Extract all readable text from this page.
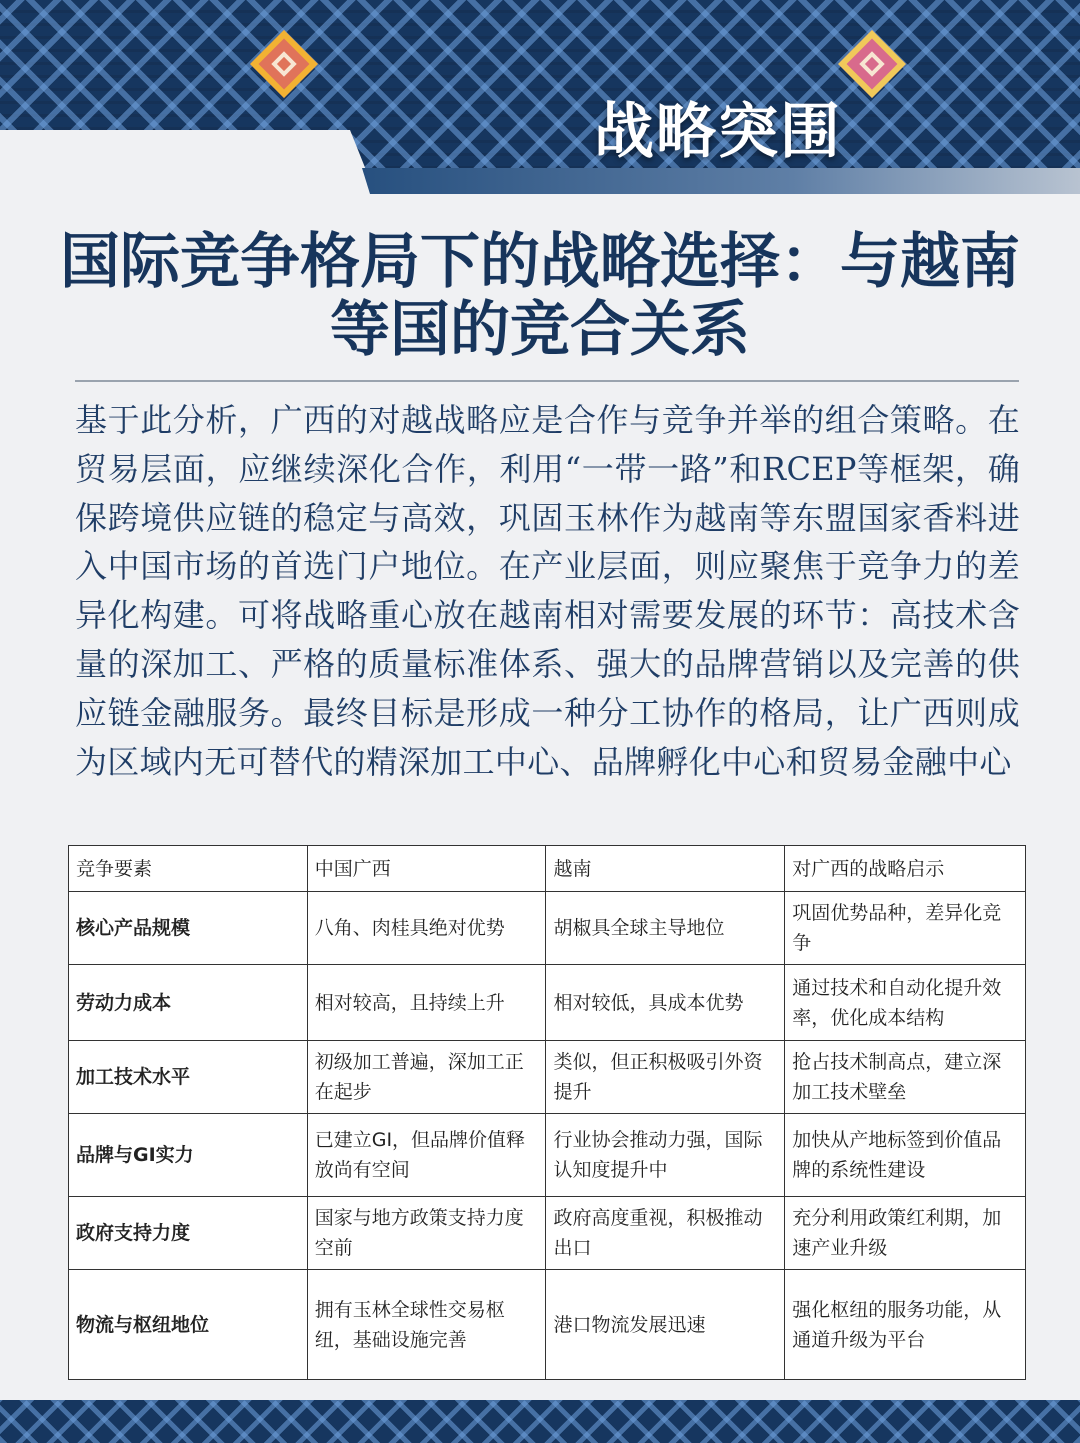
战略突围
国际竞争格局下的战略选择：与越南等国的竞合关系

基于此分析，广西的对越战略应是合作与竞争并举的组合策略。在贸易层面，应继续深化合作，利用“一带一路”和RCEP等框架，确保跨境供应链的稳定与高效，巩固玉林作为越南等东盟国家香料进入中国市场的首选门户地位。在产业层面，则应聚焦于竞争力的差异化构建。可将战略重心放在越南相对需要发展的环节：高技术含量的深加工、严格的质量标准体系、强大的品牌营销以及完善的供应链金融服务。最终目标是形成一种分工协作的格局，让广西则成为区域内无可替代的精深加工中心、品牌孵化中心和贸易金融中心

竞争要素	中国广西	越南	对广西的战略启示
核心产品规模	八角、肉桂具绝对优势	胡椒具全球主导地位	巩固优势品种，差异化竞争
劳动力成本	相对较高，且持续上升	相对较低，具成本优势	通过技术和自动化提升效率，优化成本结构
加工技术水平	初级加工普遍，深加工正在起步	类似，但正积极吸引外资提升	抢占技术制高点，建立深加工技术壁垒
品牌与GI实力	已建立GI，但品牌价值释放尚有空间	行业协会推动力强，国际认知度提升中	加快从产地标签到价值品牌的系统性建设
政府支持力度	国家与地方政策支持力度空前	政府高度重视，积极推动出口	充分利用政策红利期，加速产业升级
物流与枢纽地位	拥有玉林全球性交易枢纽，基础设施完善	港口物流发展迅速	强化枢纽的服务功能，从通道升级为平台
